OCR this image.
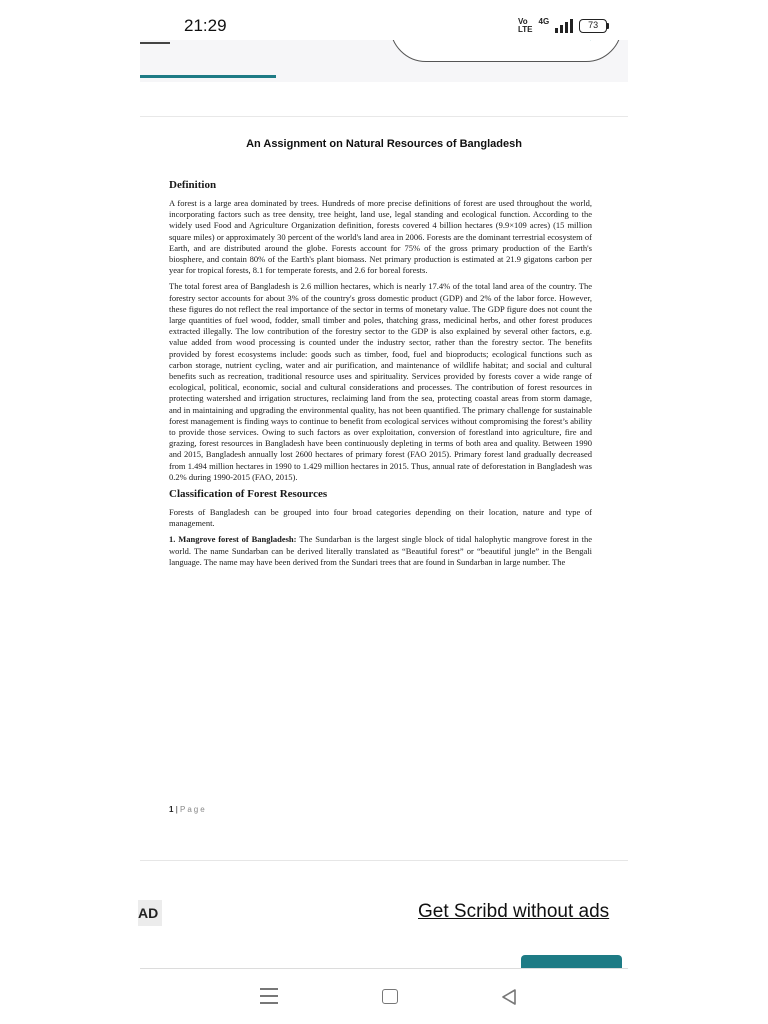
21:29	Vo
LTE
4G	73
An Assignment on Natural Resources of Bangladesh
Definition

A forest is a large area dominated by trees. Hundreds of more precise definitions of forest are used throughout the world, incorporating factors such as tree density, tree height, land use, legal standing and ecological function. According to the widely used Food and Agriculture Organization definition, forests covered 4 billion hectares (9.9×109 acres) (15 million square miles) or approximately 30 percent of the world's land area in 2006. Forests are the dominant terrestrial ecosystem of Earth, and are distributed around the globe. Forests account for 75% of the gross primary production of the Earth's biosphere, and contain 80% of the Earth's plant biomass. Net primary production is estimated at 21.9 gigatons carbon per year for tropical forests, 8.1 for temperate forests, and 2.6 for boreal forests.

The total forest area of Bangladesh is 2.6 million hectares, which is nearly 17.4% of the total land area of the country. The forestry sector accounts for about 3% of the country's gross domestic product (GDP) and 2% of the labor force. However, these figures do not reflect the real importance of the sector in terms of monetary value. The GDP figure does not count the large quantities of fuel wood, fodder, small timber and poles, thatching grass, medicinal herbs, and other forest produces extracted illegally. The low contribution of the forestry sector to the GDP is also explained by several other factors, e.g. value added from wood processing is counted under the industry sector, rather than the forestry sector. The benefits provided by forest ecosystems include: goods such as timber, food, fuel and bioproducts; ecological functions such as carbon storage, nutrient cycling, water and air purification, and maintenance of wildlife habitat; and social and cultural benefits such as recreation, traditional resource uses and spirituality. Services provided by forests cover a wide range of ecological, political, economic, social and cultural considerations and processes. The contribution of forest resources in protecting watershed and irrigation structures, reclaiming land from the sea, protecting coastal areas from storm damage, and in maintaining and upgrading the environmental quality, has not been quantified. The primary challenge for sustainable forest management is finding ways to continue to benefit from ecological services without compromising the forest’s ability to provide those services. Owing to such factors as over exploitation, conversion of forestland into agriculture, fire and grazing, forest resources in Bangladesh have been continuously depleting in terms of both area and quality. Between 1990 and 2015, Bangladesh annually lost 2600 hectares of primary forest (FAO 2015). Primary forest land gradually decreased from 1.494 million hectares in 1990 to 1.429 million hectares in 2015. Thus, annual rate of deforestation in Bangladesh was 0.2% during 1990-2015 (FAO, 2015).

Classification of Forest Resources

Forests of Bangladesh can be grouped into four broad categories depending on their location, nature and type of management.

1. Mangrove forest of Bangladesh: The Sundarban is the largest single block of tidal halophytic mangrove forest in the world. The name Sundarban can be derived literally translated as “Beautiful forest” or “beautiful jungle” in the Bengali language. The name may have been derived from the Sundari trees that are found in Sundarban in large number. The

1 | Page
AD	Get Scribd without ads
